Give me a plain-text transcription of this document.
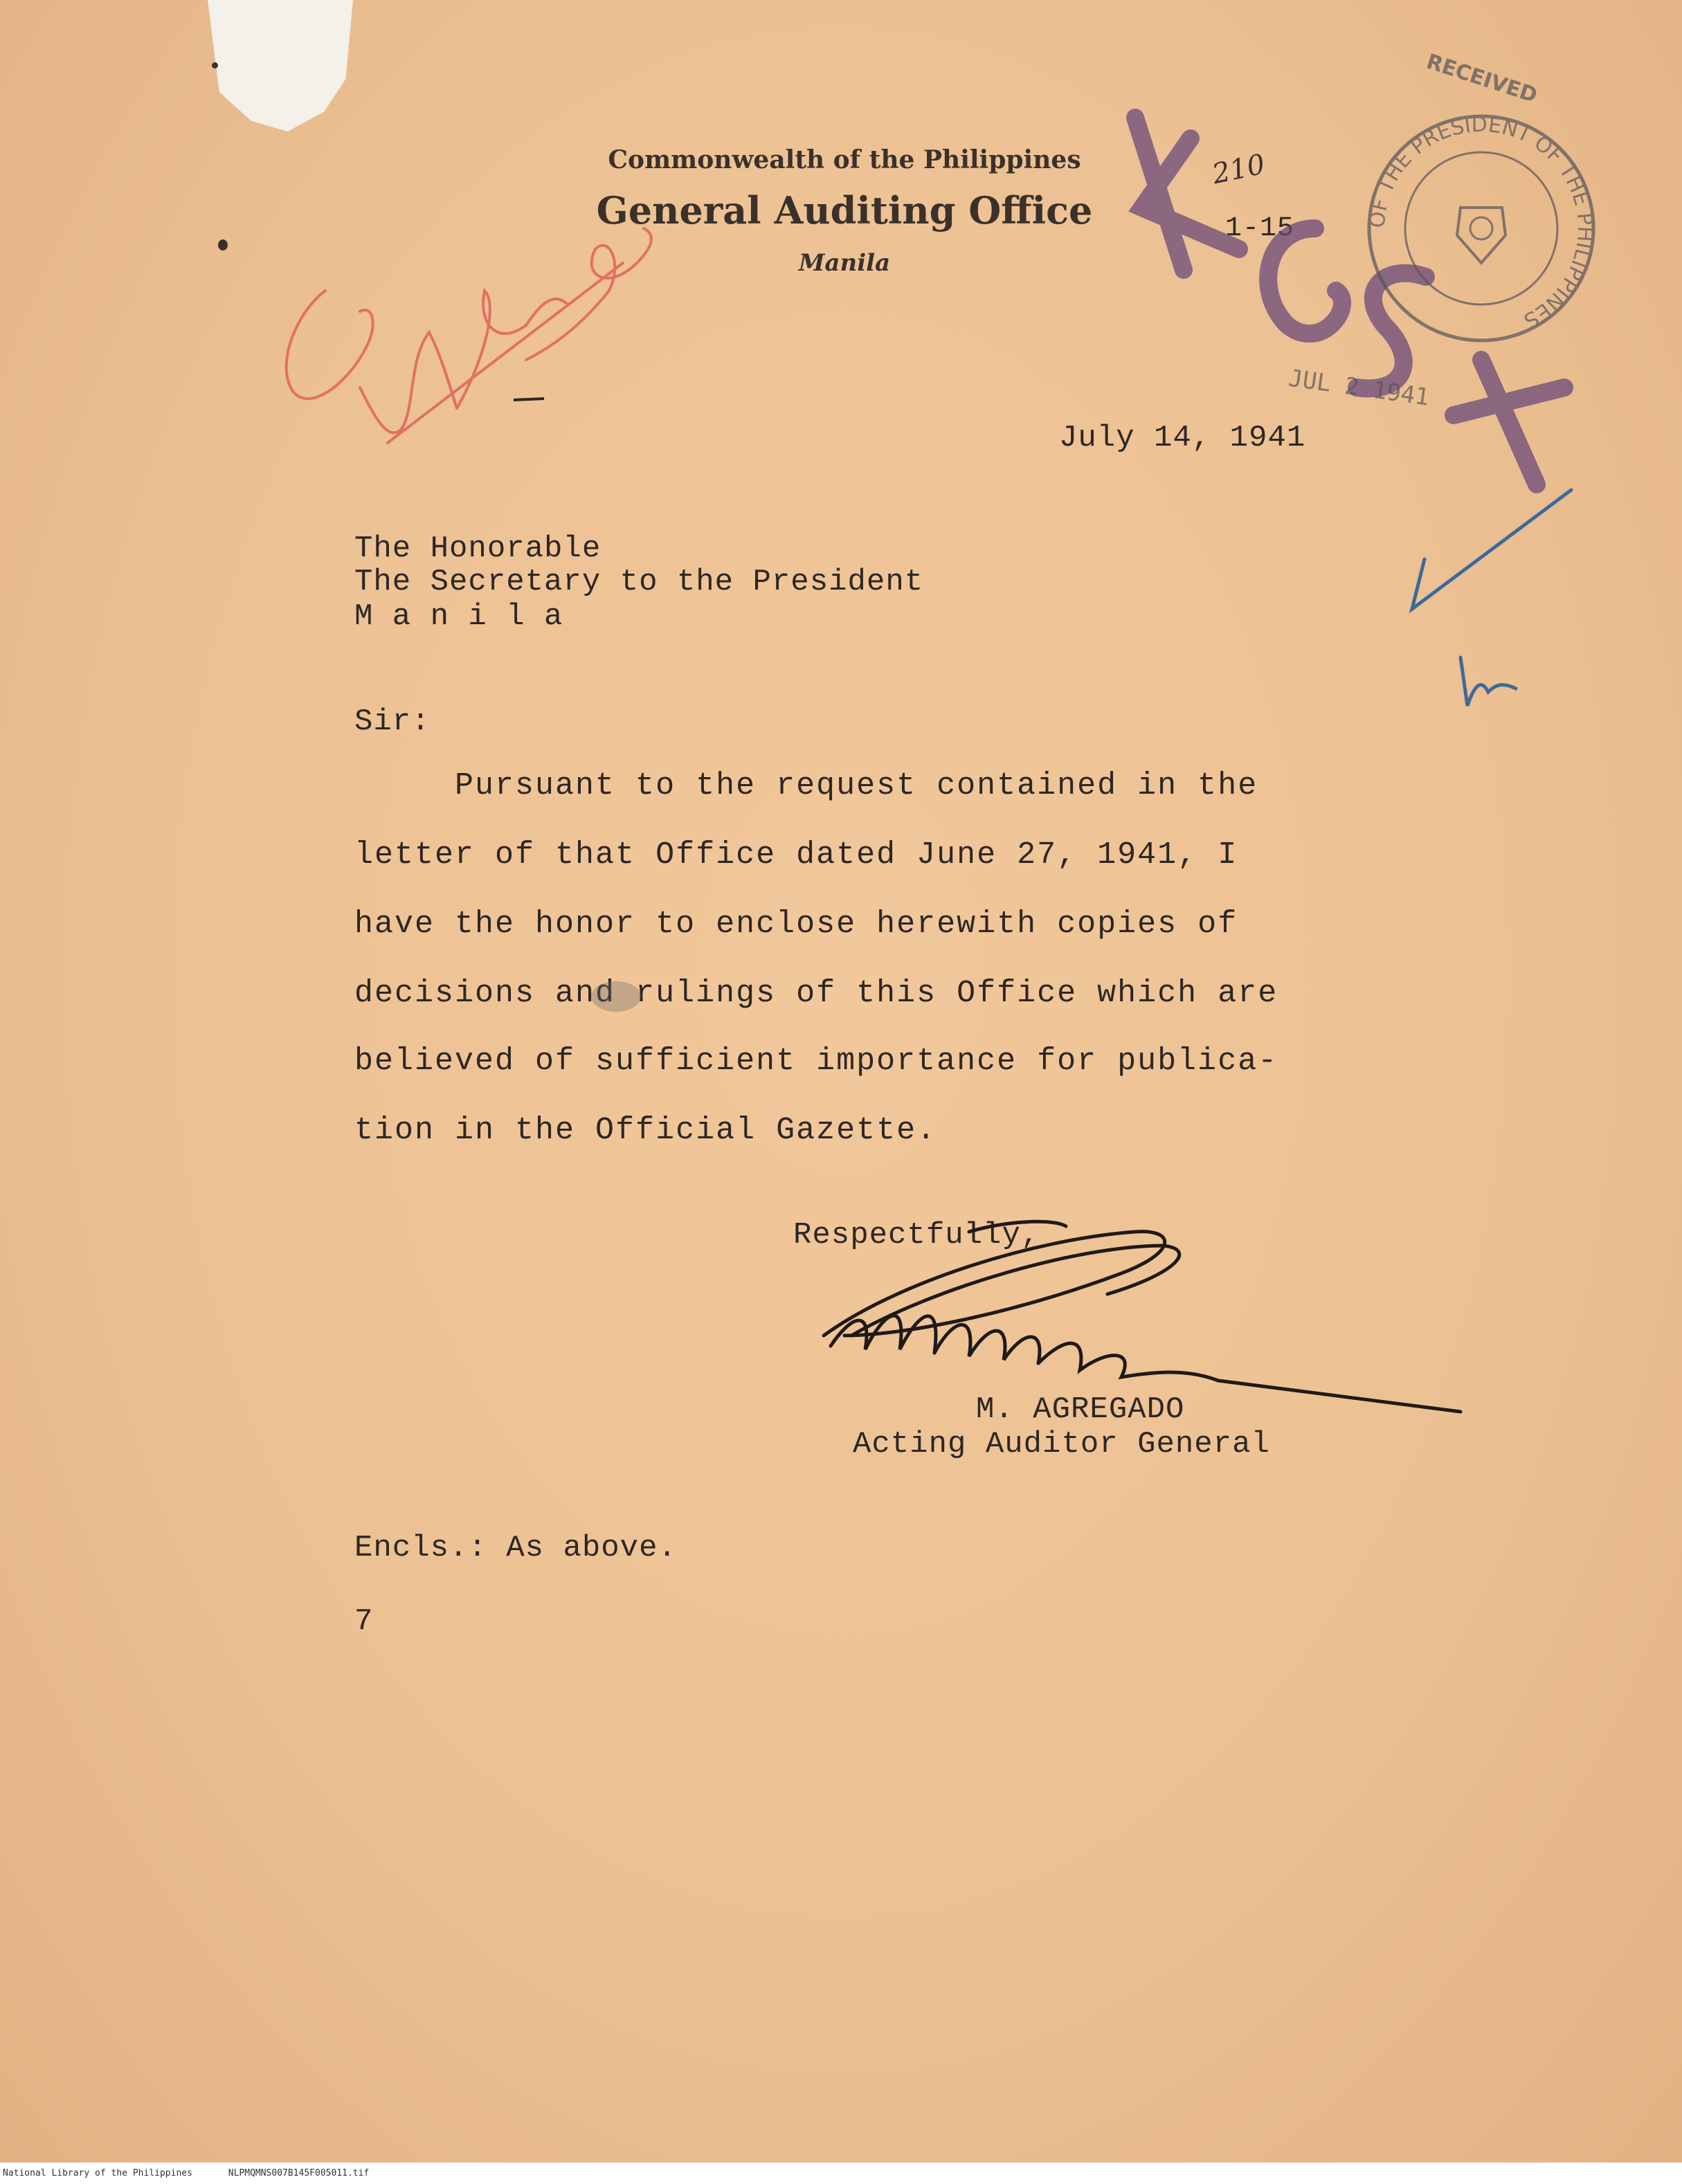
Commonwealth of the Philippines
General Auditing Office
Manila
1-15
July 14, 1941
The Honorable
The Secretary to the President
M a n i l a
Sir:
Pursuant to the request contained in the
letter of that Office dated June 27, 1941, I
have the honor to enclose herewith copies of
decisions and rulings of this Office which are
believed of sufficient importance for publica-
tion in the Official Gazette.
Respectfully,
M. AGREGADO
Acting Auditor General
Encls.: As above.
7
RECEIVED
OF THE PRESIDENT OF THE PHILIPPINES
JUL 2 1941
210
National Library of the Philippines	NLPMQMNS007B145F005011.tif
